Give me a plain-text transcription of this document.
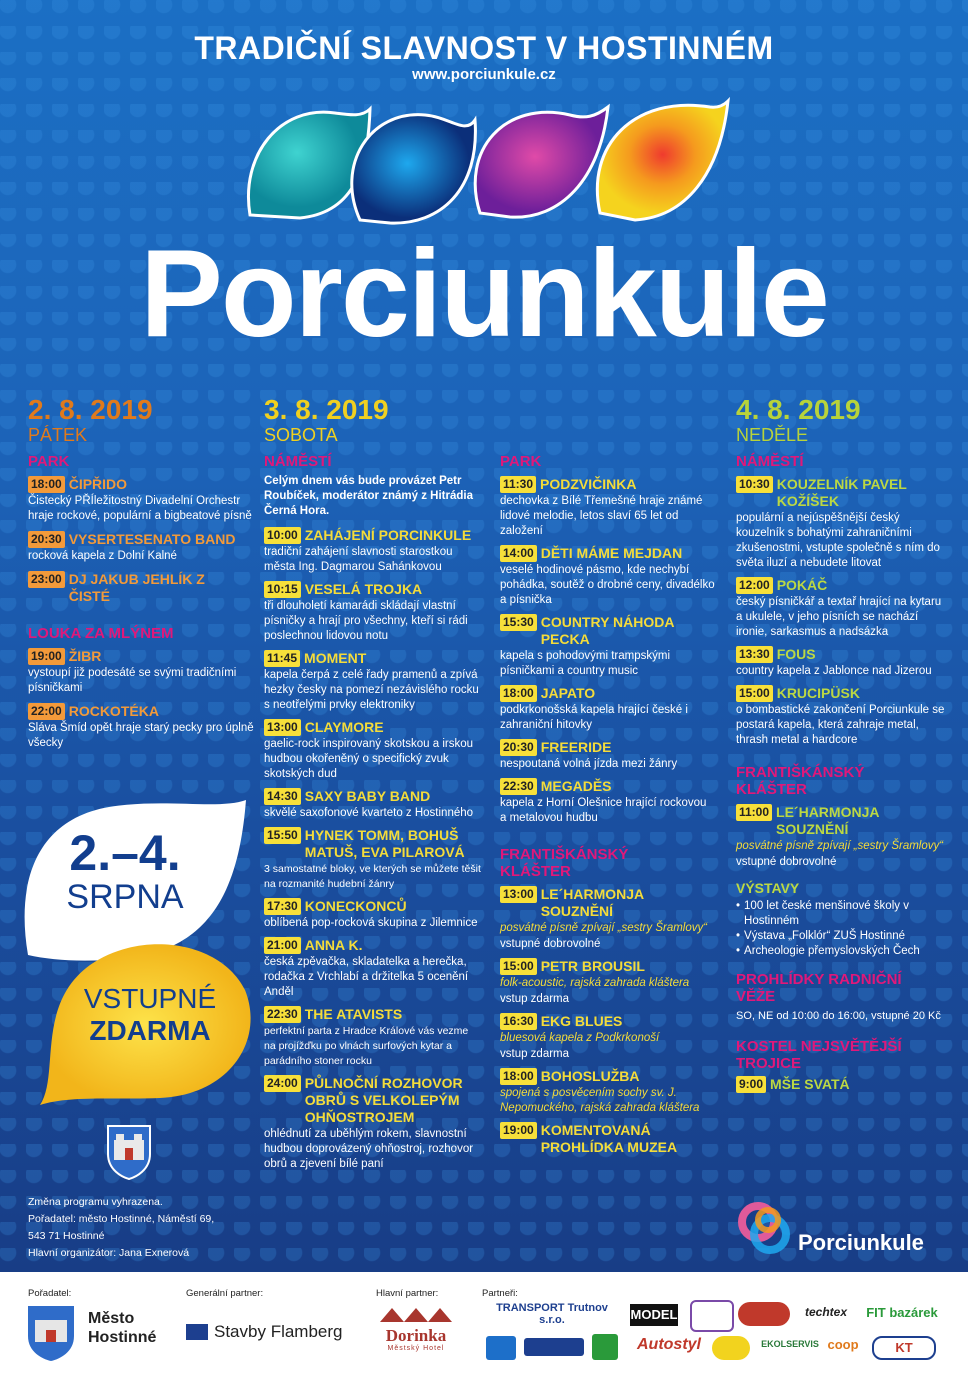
TRADIČNÍ SLAVNOST V HOSTINNÉM
www.porciunkule.cz
Porciunkule
2. 8. 2019
PÁTEK
PARK
18:00 ČIPŘIDO
Čistecký PŘÍležitostný Divadelní Orchestr hraje rockové, populární a bigbeatové písně
20:30 VYSERTESENATO BAND
rocková kapela z Dolní Kalné
23:00 DJ JAKUB JEHLÍK Z ČISTÉ
LOUKA ZA MLÝNEM
19:00 ŽIBR
vystoupí již podesáté se svými tradičními písničkami
22:00 ROCKOTÉKA
Sláva Šmíd opět hraje starý pecky pro úplně všecky
2.–4.
SRPNA
VSTUPNÉ
ZDARMA
Změna programu vyhrazena.
Pořadatel: město Hostinné, Náměstí 69,
543 71 Hostinné
Hlavní organizátor: Jana Exnerová
3. 8. 2019
SOBOTA
NÁMĚSTÍ
Celým dnem vás bude provázet Petr Roubíček, moderátor známý z Hitrádia Černá Hora.
10:00 ZAHÁJENÍ PORCINKULE
tradiční zahájení slavnosti starostkou města Ing. Dagmarou Sahánkovou
10:15 VESELÁ TROJKA
tři dlouholetí kamarádi skládají vlastní písničky a hrají pro všechny, kteří si rádi poslechnou lidovou notu
11:45 MOMENT
kapela čerpá z celé řady pramenů a zpívá hezky česky na pomezí nezávislého rocku s neotřelými prvky elektroniky
13:00 CLAYMORE
gaelic-rock inspirovaný skotskou a irskou hudbou okořeněný o specifický zvuk skotských dud
14:30 SAXY BABY BAND
skvělé saxofonové kvarteto z Hostinného
15:50 HYNEK TOMM, BOHUŠ MATUŠ, EVA PILAROVÁ
3 samostatné bloky, ve kterých se můžete těšit na rozmanité hudební žánry
17:30 KONECKONCŮ
oblíbená pop-rocková skupina z Jilemnice
21:00 ANNA K.
česká zpěvačka, skladatelka a herečka, rodačka z Vrchlabí a držitelka 5 ocenění Anděl
22:30 THE ATAVISTS
perfektní parta z Hradce Králové vás vezme na projížďku po vlnách surfových kytar a parádního stoner rocku
24:00 PŮLNOČNÍ ROZHOVOR OBRŮ S VELKOLEPÝM OHŇOSTROJEM
ohlédnutí za uběhlým rokem, slavnostní hudbou doprovázený ohňostroj, rozhovor obrů a zjevení bílé paní
PARK
11:30 PODZVIČINKA
dechovka z Bílé Třemešné hraje známé lidové melodie, letos slaví 65 let od založení
14:00 DĚTI MÁME MEJDAN
veselé hodinové pásmo, kde nechybí pohádka, soutěž o drobné ceny, divadélko a písnička
15:30 COUNTRY NÁHODA PECKA
kapela s pohodovými trampskými písničkami a country music
18:00 JAPATO
podkrkonošská kapela hrající české i zahraniční hitovky
20:30 FREERIDE
nespoutaná volná jízda mezi žánry
22:30 MEGADĚS
kapela z Horní Olešnice hrající rockovou a metalovou hudbu
FRANTIŠKÁNSKÝ KLÁŠTER
13:00 LE´HARMONJA SOUZNĚNÍ
posvátné písně zpívají „sestry Šramlovy“
vstupné dobrovolné
15:00 PETR BROUSIL
folk-acoustic, rajská zahrada kláštera
vstup zdarma
16:30 EKG BLUES
bluesová kapela z Podkrkonoší
vstup zdarma
18:00 BOHOSLUŽBA
spojená s posvěcením sochy sv. J. Nepomuckého, rajská zahrada kláštera
19:00 KOMENTOVANÁ PROHLÍDKA MUZEA
4. 8. 2019
NEDĚLE
NÁMĚSTÍ
10:30 KOUZELNÍK PAVEL KOŽÍŠEK
populární a nejúspěšnější český kouzelník s bohatými zahraničními zkušenostmi, vstupte společně s ním do světa iluzí a nebudete litovat
12:00 POKÁČ
český písničkář a textař hrající na kytaru a ukulele, v jeho písních se nachází ironie, sarkasmus a nadsázka
13:30 FOUS
country kapela z Jablonce nad Jizerou
15:00 KRUCIPÜSK
o bombastické zakončení Porciunkule se postará kapela, která zahraje metal, thrash metal a hardcore
FRANTIŠKÁNSKÝ KLÁŠTER
11:00 LE´HARMONJA SOUZNĚNÍ
posvátné písně zpívají „sestry Šramlovy“
vstupné dobrovolné
VÝSTAVY
• 100 let české menšinové školy v Hostinném
• Výstava „Folklór“ ZUŠ Hostinné
• Archeologie přemyslovských Čech
PROHLÍDKY RADNIČNÍ VĚŽE
SO, NE od 10:00 do 16:00, vstupné 20 Kč
KOSTEL NEJSVĚTĚJŠÍ TROJICE
9:00 MŠE SVATÁ
Porciunkule
Pořadatel:
Město
Hostinné
Generální partner:
Stavby Flamberg
Hlavní partner:
Dorinka
Městský Hotel
Partneři:
TRANSPORT Trutnov s.r.o.	MODEL	techtex	FIT bazárek
Autostyl	EKOLSERVIS coop	KT
